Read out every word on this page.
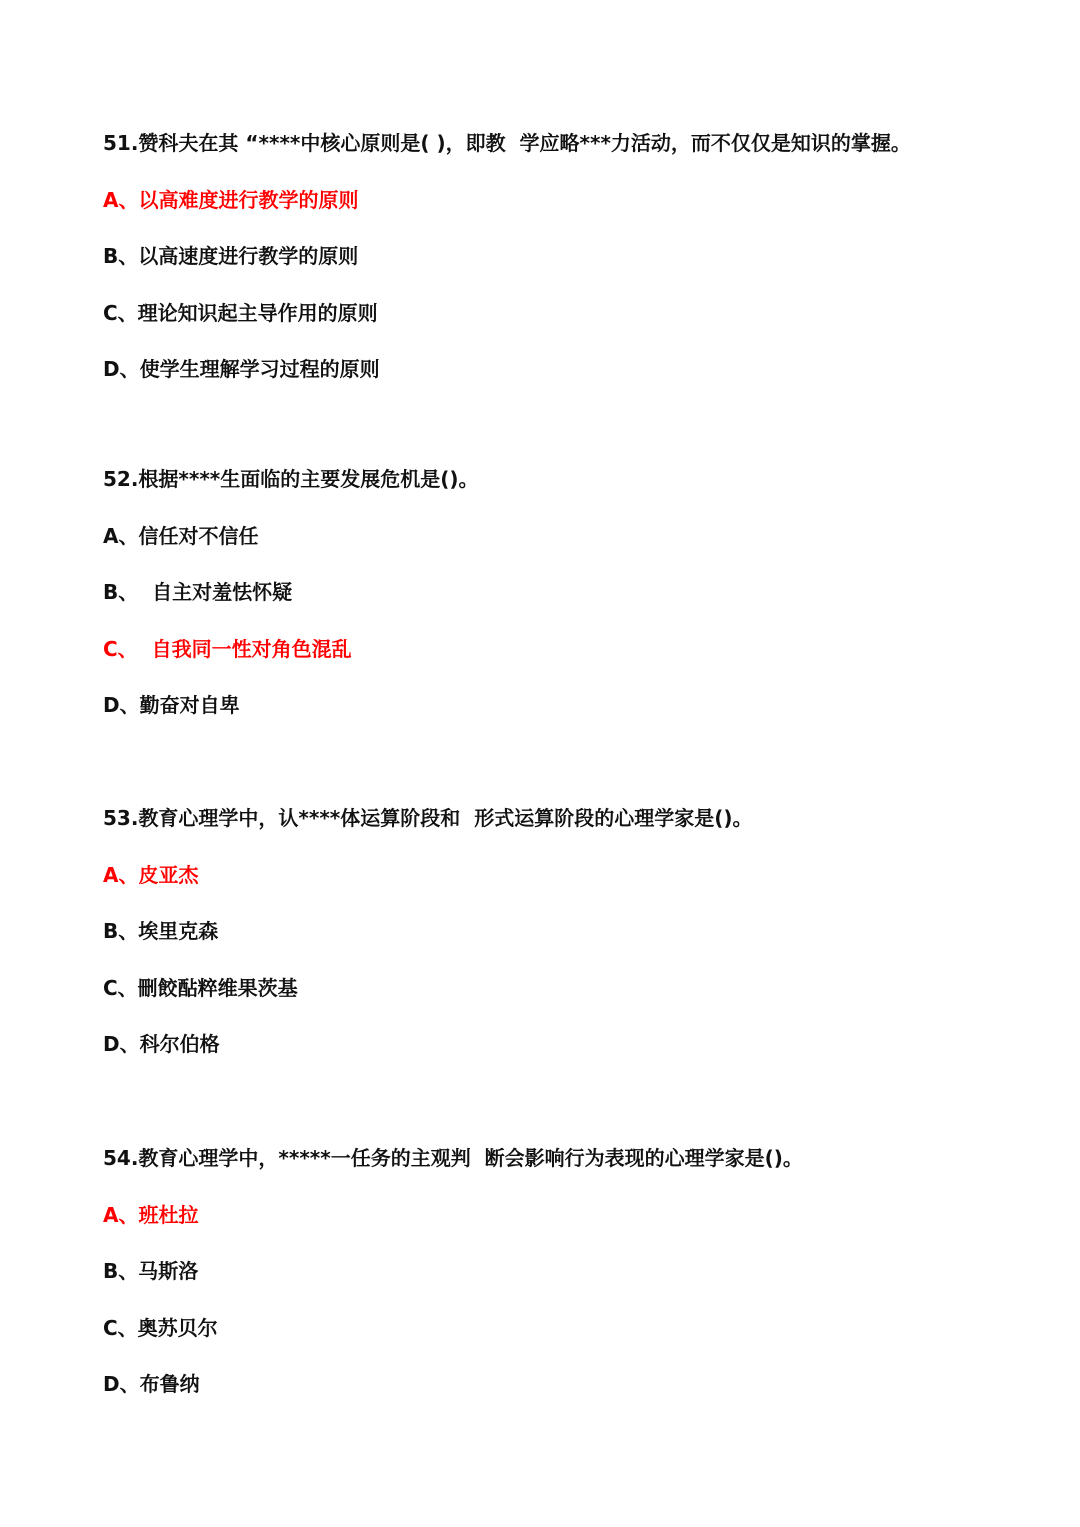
51.赞科夫在其 “****中核心原则是( )，即教  学应略***力活动，而不仅仅是知识的掌握。
A、以高难度进行教学的原则
B、以高速度进行教学的原则
C、理论知识起主导作用的原则
D、使学生理解学习过程的原则
52.根据****生面临的主要发展危机是()。
A、信任对不信任
B、  自主对羞怯怀疑
C、  自我同一性对角色混乱
D、勤奋对自卑
53.教育心理学中，认****体运算阶段和  形式运算阶段的心理学家是()。
A、皮亚杰
B、埃里克森
C、刪餃酟粹维果茨基
D、科尔伯格
54.教育心理学中，*****一任务的主观判  断会影响行为表现的心理学家是()。
A、班杜拉
B、马斯洛
C、奥苏贝尔
D、布鲁纳
